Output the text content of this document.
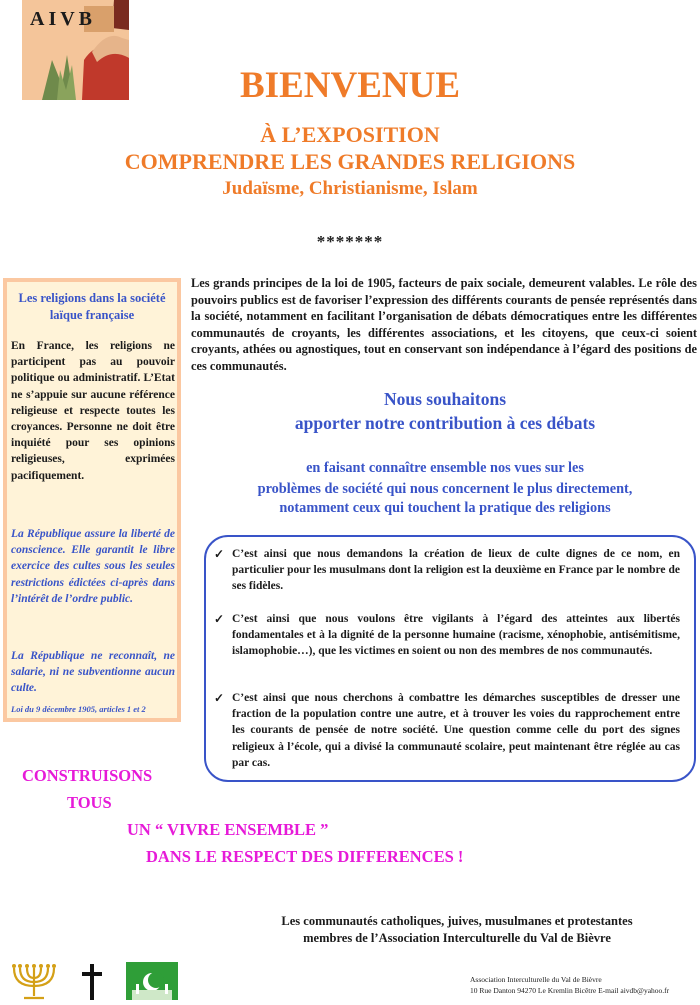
AIVB
BIENVENUE
À L’EXPOSITION
COMPRENDRE LES GRANDES RELIGIONS
Judaïsme, Christianisme, Islam
*******
Les religions dans la société laïque française
En France, les religions ne participent pas au pouvoir politique ou administratif. L’Etat ne s’appuie sur aucune référence religieuse et respecte toutes les croyances. Personne ne doit être inquiété pour ses opinions religieuses, exprimées pacifiquement.
La République assure la liberté de conscience. Elle garantit le libre exercice des cultes sous les seules restrictions édictées ci-après dans l’intérêt de l’ordre public.
La République ne reconnaît, ne salarie, ni ne subventionne aucun culte.
Loi du 9 décembre 1905, articles 1 et 2
Les grands principes de la loi de 1905, facteurs de paix sociale, demeurent valables. Le rôle des pouvoirs publics est de favoriser l’expression des différents courants de pensée représentés dans la société, notamment en facilitant l’organisation de débats démocratiques entre les différentes communautés de croyants, les différentes associations, et les citoyens, que ceux-ci soient croyants, athées ou agnostiques, tout en conservant son indépendance à l’égard des positions de ces communautés.
Nous souhaitons
apporter notre contribution à ces débats
en faisant connaître ensemble nos vues sur les
problèmes de société qui nous concernent le plus directement,
notamment ceux qui touchent la pratique des religions
✓ C’est ainsi que nous demandons la création de lieux de culte dignes de ce nom, en particulier pour les musulmans dont la religion est la deuxième en France par le nombre de ses fidèles.
✓ C’est ainsi que nous voulons être vigilants à l’égard des atteintes aux libertés fondamentales et à la dignité de la personne humaine (racisme, xénophobie, antisémitisme, islamophobie…), que les victimes en soient ou non des membres de nos communautés.
✓ C’est ainsi que nous cherchons à combattre les démarches susceptibles de dresser une fraction de la population contre une autre, et à trouver les voies du rapprochement entre les courants de pensée de notre société. Une question comme celle du port des signes religieux à l’école, qui a divisé la communauté scolaire, peut maintenant être réglée au cas par cas.
CONSTRUISONS
TOUS
UN “ VIVRE ENSEMBLE ”
DANS LE RESPECT DES DIFFERENCES !
Les communautés catholiques, juives, musulmanes et protestantes
membres de l’Association Interculturelle du Val de Bièvre
Association Interculturelle du Val de Bièvre
10 Rue Danton 94270 Le Kremlin Bicêtre E-mail aivdb@yahoo.fr
